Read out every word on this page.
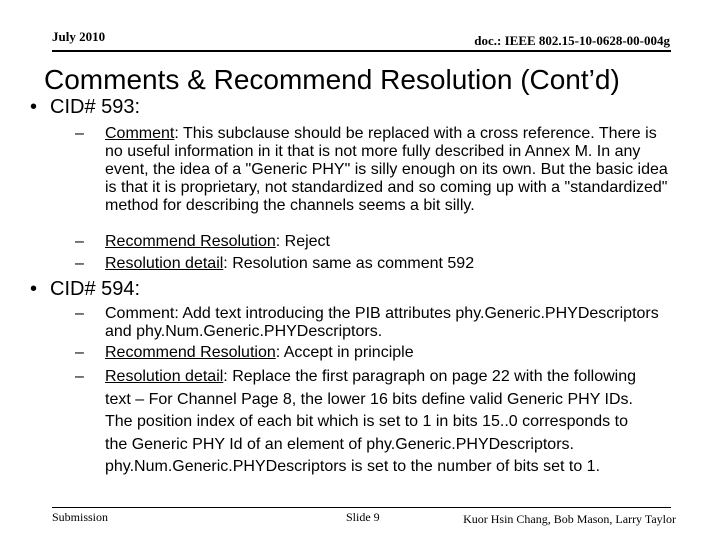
July 2010	doc.: IEEE 802.15-10-0628-00-004g
Comments & Recommend Resolution (Cont’d)
• CID# 593:
– Comment: This subclause should be replaced with a cross reference. There is no useful information in it that is not more fully described in Annex M. In any event, the idea of a "Generic PHY" is silly enough on its own. But the basic idea is that it is proprietary, not standardized and so coming up with a "standardized" method for describing the channels seems a bit silly.
– Recommend Resolution: Reject
– Resolution detail: Resolution same as comment 592
• CID# 594:
– Comment: Add text introducing the PIB attributes phy.Generic.PHYDescriptors and phy.Num.Generic.PHYDescriptors.
– Recommend Resolution: Accept in principle
– Resolution detail: Replace the first paragraph on page 22 with the following text – For Channel Page 8, the lower 16 bits define valid Generic PHY IDs. The position index of each bit which is set to 1 in bits 15..0 corresponds to the Generic PHY Id of an element of phy.Generic.PHYDescriptors. phy.Num.Generic.PHYDescriptors is set to the number of bits set to 1.
Submission	Slide 9	Kuor Hsin Chang, Bob Mason, Larry Taylor
